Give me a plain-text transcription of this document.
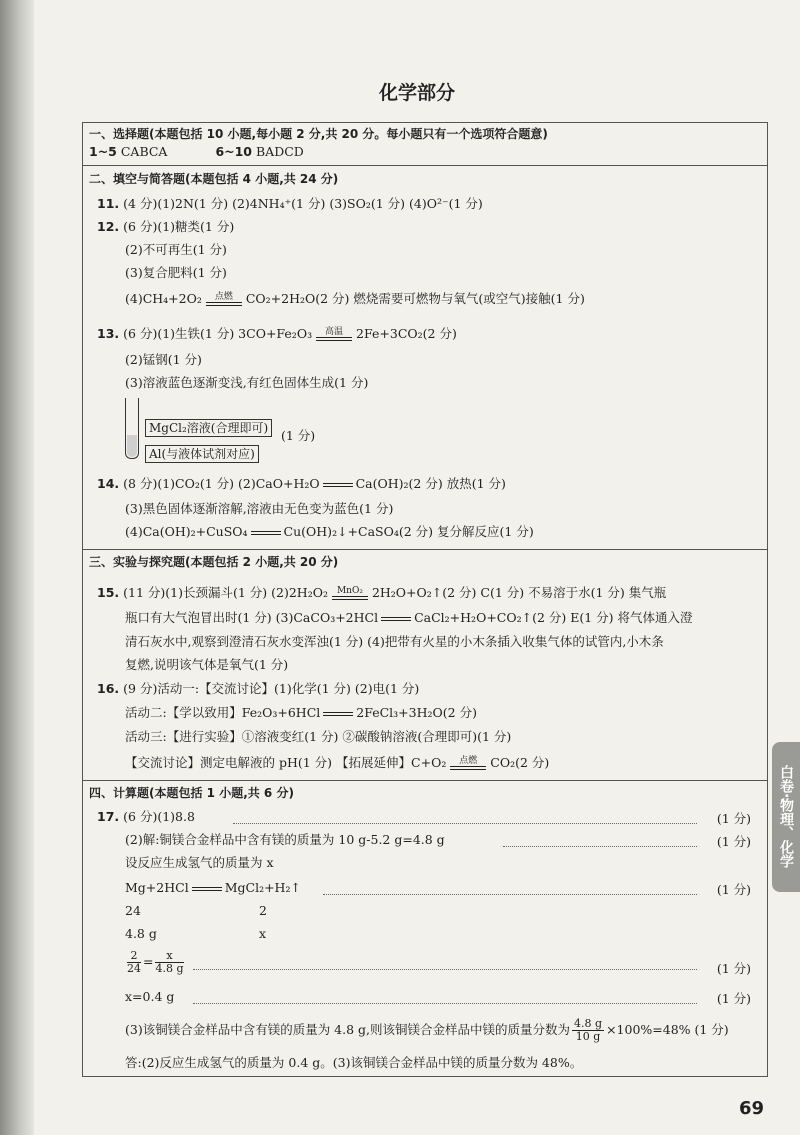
化学部分
一、选择题(本题包括 10 小题,每小题 2 分,共 20 分。每小题只有一个选项符合题意)
1~5 CABCA	6~10 BADCD
二、填空与简答题(本题包括 4 小题,共 24 分)
11. (4 分)(1)2N(1 分) (2)4NH₄⁺(1 分) (3)SO₂(1 分) (4)O²⁻(1 分)
12. (6 分)(1)糖类(1 分)
(2)不可再生(1 分)
(3)复合肥料(1 分)
(4)CH₄+2O₂	点燃	CO₂+2H₂O(2 分) 燃烧需要可燃物与氧气(或空气)接触(1 分)
13. (6 分)(1)生铁(1 分) 3CO+Fe₂O₃	高温	2Fe+3CO₂(2 分)
(2)锰钢(1 分)
(3)溶液蓝色逐渐变浅,有红色固体生成(1 分)
MgCl₂溶液(合理即可)
Al(与液体试剂对应)
(1 分)
14. (8 分)(1)CO₂(1 分) (2)CaO+H₂O	Ca(OH)₂(2 分) 放热(1 分)
(3)黑色固体逐渐溶解,溶液由无色变为蓝色(1 分)
(4)Ca(OH)₂+CuSO₄	Cu(OH)₂↓+CaSO₄(2 分) 复分解反应(1 分)
三、实验与探究题(本题包括 2 小题,共 20 分)
15. (11 分)(1)长颈漏斗(1 分) (2)2H₂O₂ MnO₂ 2H₂O+O₂↑(2 分) C(1 分) 不易溶于水(1 分) 集气瓶
瓶口有大气泡冒出时(1 分) (3)CaCO₃+2HCl	CaCl₂+H₂O+CO₂↑(2 分) E(1 分) 将气体通入澄
清石灰水中,观察到澄清石灰水变浑浊(1 分) (4)把带有火星的小木条插入收集气体的试管内,小木条
复燃,说明该气体是氧气(1 分)
16. (9 分)活动一:【交流讨论】(1)化学(1 分) (2)电(1 分)
活动二:【学以致用】Fe₂O₃+6HCl	2FeCl₃+3H₂O(2 分)
活动三:【进行实验】①溶液变红(1 分) ②碳酸钠溶液(合理即可)(1 分)
【交流讨论】测定电解液的 pH(1 分) 【拓展延伸】C+O₂	点燃	CO₂(2 分)
四、计算题(本题包括 1 小题,共 6 分)
17. (6 分)(1)8.8	(1 分)
(2)解:铜镁合金样品中含有镁的质量为 10 g-5.2 g=4.8 g	(1 分)
设反应生成氢气的质量为 x
Mg+2HCl	MgCl₂+H₂↑	(1 分)
24	2
4.8 g	x
$\frac{2}{24} = \frac{x}{4.8 g}$	(1 分)
x=0.4 g	(1 分)
(3)该铜镁合金样品中含有镁的质量为 4.8 g,则该铜镁合金样品中镁的质量分数为 $\frac{4.8 g}{10 g} \times 100\%=48\%$ (1 分)
答:(2)反应生成氢气的质量为 0.4 g。(3)该铜镁合金样品中镁的质量分数为 48%。
白卷·物理、化学
69
